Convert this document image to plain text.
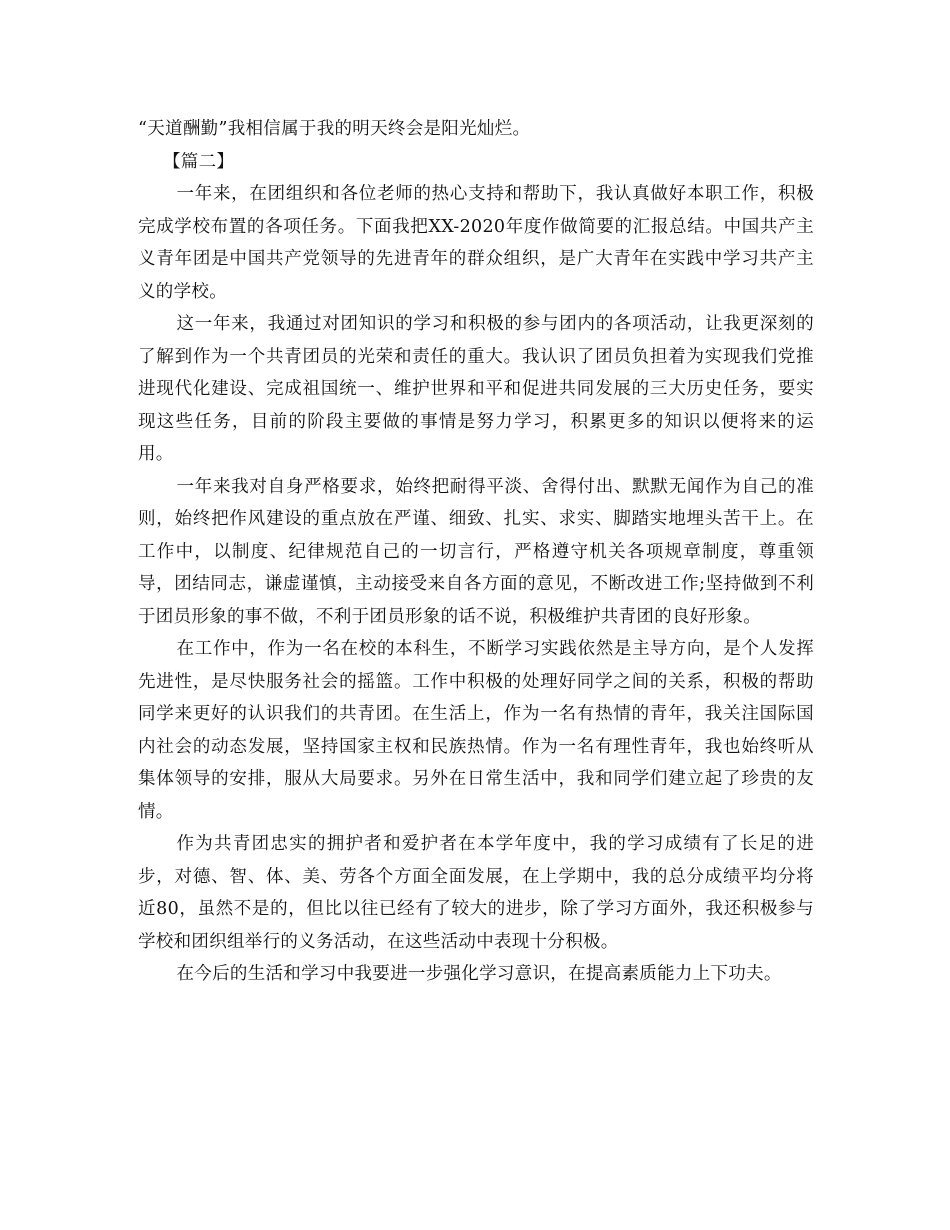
“天道酬勤”我相信属于我的明天终会是阳光灿烂。

【篇二】

一年来，在团组织和各位老师的热心支持和帮助下，我认真做好本职工作，积极完成学校布置的各项任务。下面我把XX-2020年度作做简要的汇报总结。中国共产主义青年团是中国共产党领导的先进青年的群众组织，是广大青年在实践中学习共产主义的学校。

这一年来，我通过对团知识的学习和积极的参与团内的各项活动，让我更深刻的了解到作为一个共青团员的光荣和责任的重大。我认识了团员负担着为实现我们党推进现代化建设、完成祖国统一、维护世界和平和促进共同发展的三大历史任务，要实现这些任务，目前的阶段主要做的事情是努力学习，积累更多的知识以便将来的运用。

一年来我对自身严格要求，始终把耐得平淡、舍得付出、默默无闻作为自己的准则，始终把作风建设的重点放在严谨、细致、扎实、求实、脚踏实地埋头苦干上。在工作中，以制度、纪律规范自己的一切言行，严格遵守机关各项规章制度，尊重领导，团结同志，谦虚谨慎，主动接受来自各方面的意见，不断改进工作;坚持做到不利于团员形象的事不做，不利于团员形象的话不说，积极维护共青团的良好形象。

在工作中，作为一名在校的本科生，不断学习实践依然是主导方向，是个人发挥先进性，是尽快服务社会的摇篮。工作中积极的处理好同学之间的关系，积极的帮助同学来更好的认识我们的共青团。在生活上，作为一名有热情的青年，我关注国际国内社会的动态发展，坚持国家主权和民族热情。作为一名有理性青年，我也始终听从集体领导的安排，服从大局要求。另外在日常生活中，我和同学们建立起了珍贵的友情。

作为共青团忠实的拥护者和爱护者在本学年度中，我的学习成绩有了长足的进步，对德、智、体、美、劳各个方面全面发展，在上学期中，我的总分成绩平均分将近80，虽然不是的，但比以往已经有了较大的进步，除了学习方面外，我还积极参与学校和团织组举行的义务活动，在这些活动中表现十分积极。

在今后的生活和学习中我要进一步强化学习意识，在提高素质能力上下功夫。
